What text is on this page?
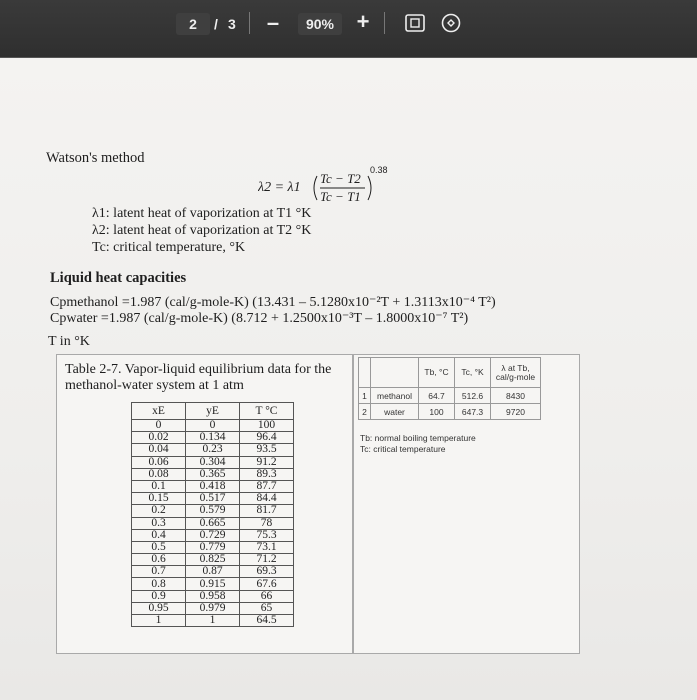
2	/ 3 –	90%	+
Watson's method
λ2 = λ1
Tc − T2
Tc − T1
0.38
λ1: latent heat of vaporization at T1 °K
λ2: latent heat of vaporization at T2 °K
Tc: critical temperature, °K
Liquid heat capacities
Cpmethanol =1.987 (cal/g-mole-K) (13.431 – 5.1280x10⁻²T + 1.3113x10⁻⁴ T²)
Cpwater =1.987 (cal/g-mole-K) (8.712 + 1.2500x10⁻³T – 1.8000x10⁻⁷ T²)
T in °K
Table 2-7. Vapor-liquid equilibrium data for the
methanol-water system at 1 atm
xE	yE	T °C
0	0	100
0.02	0.134	96.4
0.04	0.23	93.5
0.06	0.304	91.2
0.08	0.365	89.3
0.1	0.418	87.7
0.15	0.517	84.4
0.2	0.579	81.7
0.3	0.665	78
0.4	0.729	75.3
0.5	0.779	73.1
0.6	0.825	71.2
0.7	0.87	69.3
0.8	0.915	67.6
0.9	0.958	66
0.95	0.979	65
1	1	64.5
		Tb, °C	Tc, °K	λ at Tb, cal/g-mole
1	methanol	64.7	512.6	8430
2	water	100	647.3	9720
Tb: normal boiling temperature
Tc: critical temperature
